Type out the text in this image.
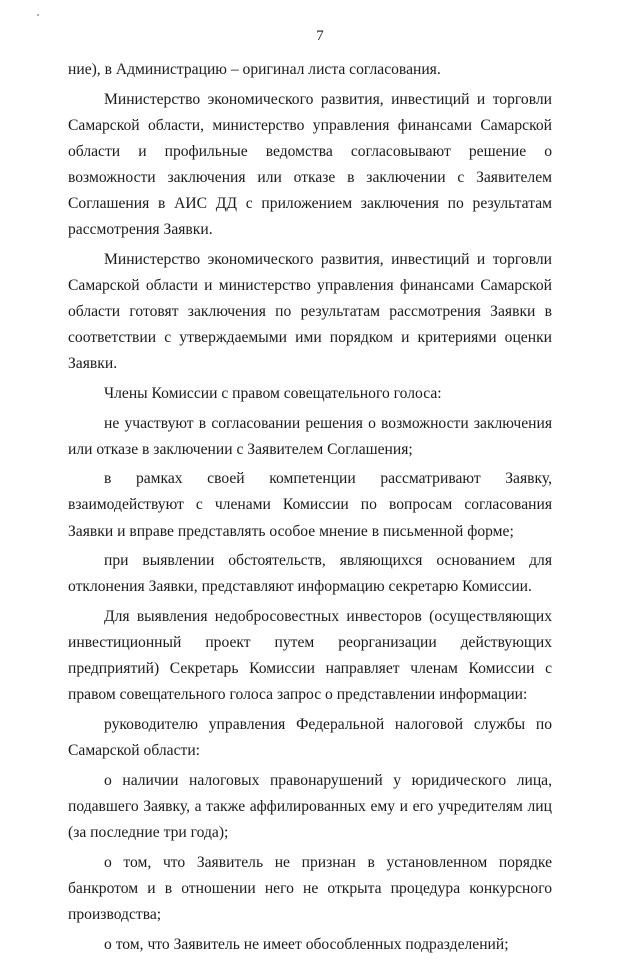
7

ние), в Администрацию – оригинал листа согласования.

Министерство экономического развития, инвестиций и торговли Самарской области, министерство управления финансами Самарской области и профильные ведомства согласовывают решение о возможности заключения или отказе в заключении с Заявителем Соглашения в АИС ДД с приложением заключения по результатам рассмотрения Заявки.

Министерство экономического развития, инвестиций и торговли Самарской области и министерство управления финансами Самарской области готовят заключения по результатам рассмотрения Заявки в соответствии с утверждаемыми ими порядком и критериями оценки Заявки.

Члены Комиссии с правом совещательного голоса:

не участвуют в согласовании решения о возможности заключения или отказе в заключении с Заявителем Соглашения;

в рамках своей компетенции рассматривают Заявку, взаимодействуют с членами Комиссии по вопросам согласования Заявки и вправе представлять особое мнение в письменной форме;

при выявлении обстоятельств, являющихся основанием для отклонения Заявки, представляют информацию секретарю Комиссии.

Для выявления недобросовестных инвесторов (осуществляющих инвестиционный проект путем реорганизации действующих предприятий) Секретарь Комиссии направляет членам Комиссии с правом совещательного голоса запрос о представлении информации:

руководителю управления Федеральной налоговой службы по Самарской области:

о наличии налоговых правонарушений у юридического лица, подавшего Заявку, а также аффилированных ему и его учредителям лиц (за последние три года);

о том, что Заявитель не признан в установленном порядке банкротом и в отношении него не открыта процедура конкурсного производства;

о том, что Заявитель не имеет обособленных подразделений;
